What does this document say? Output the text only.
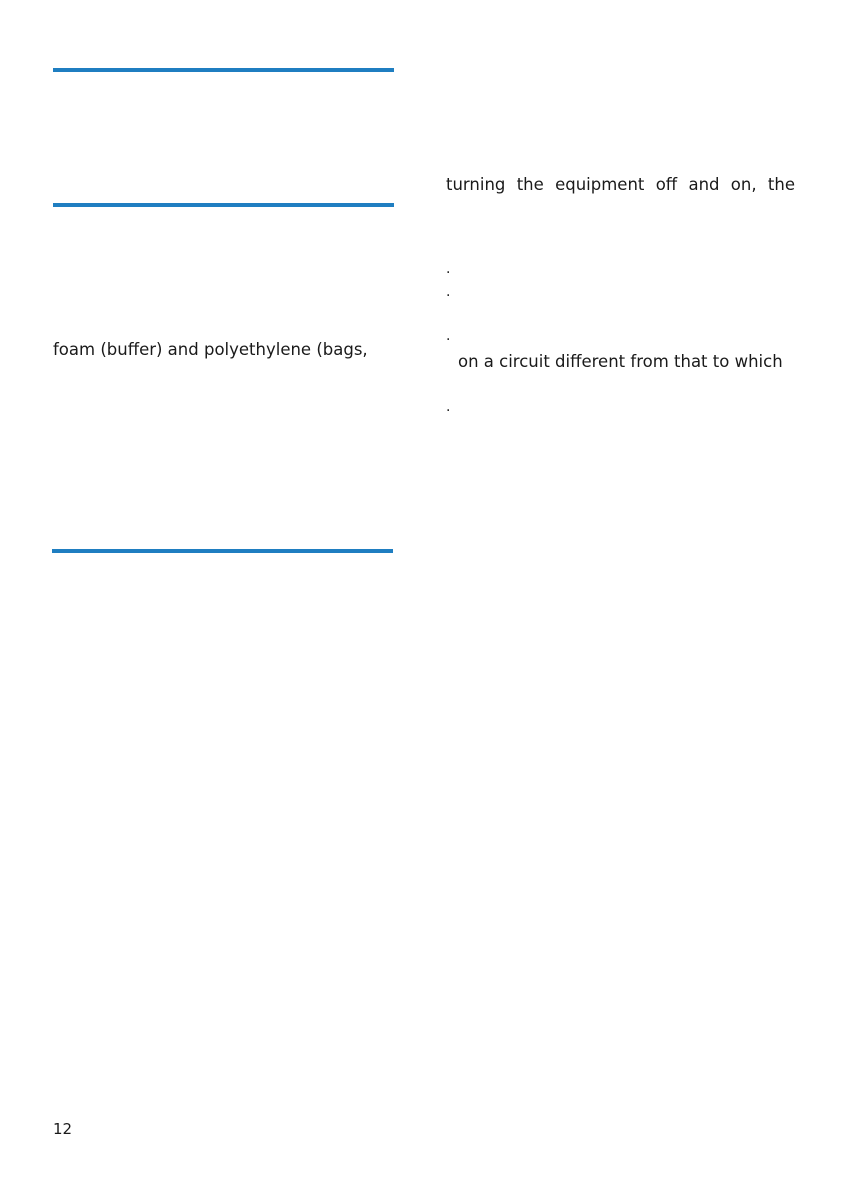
foam (buffer) and polyethylene (bags,
turning the equipment off and on, the
.
.
.
.
on a circuit different from that to which
12
